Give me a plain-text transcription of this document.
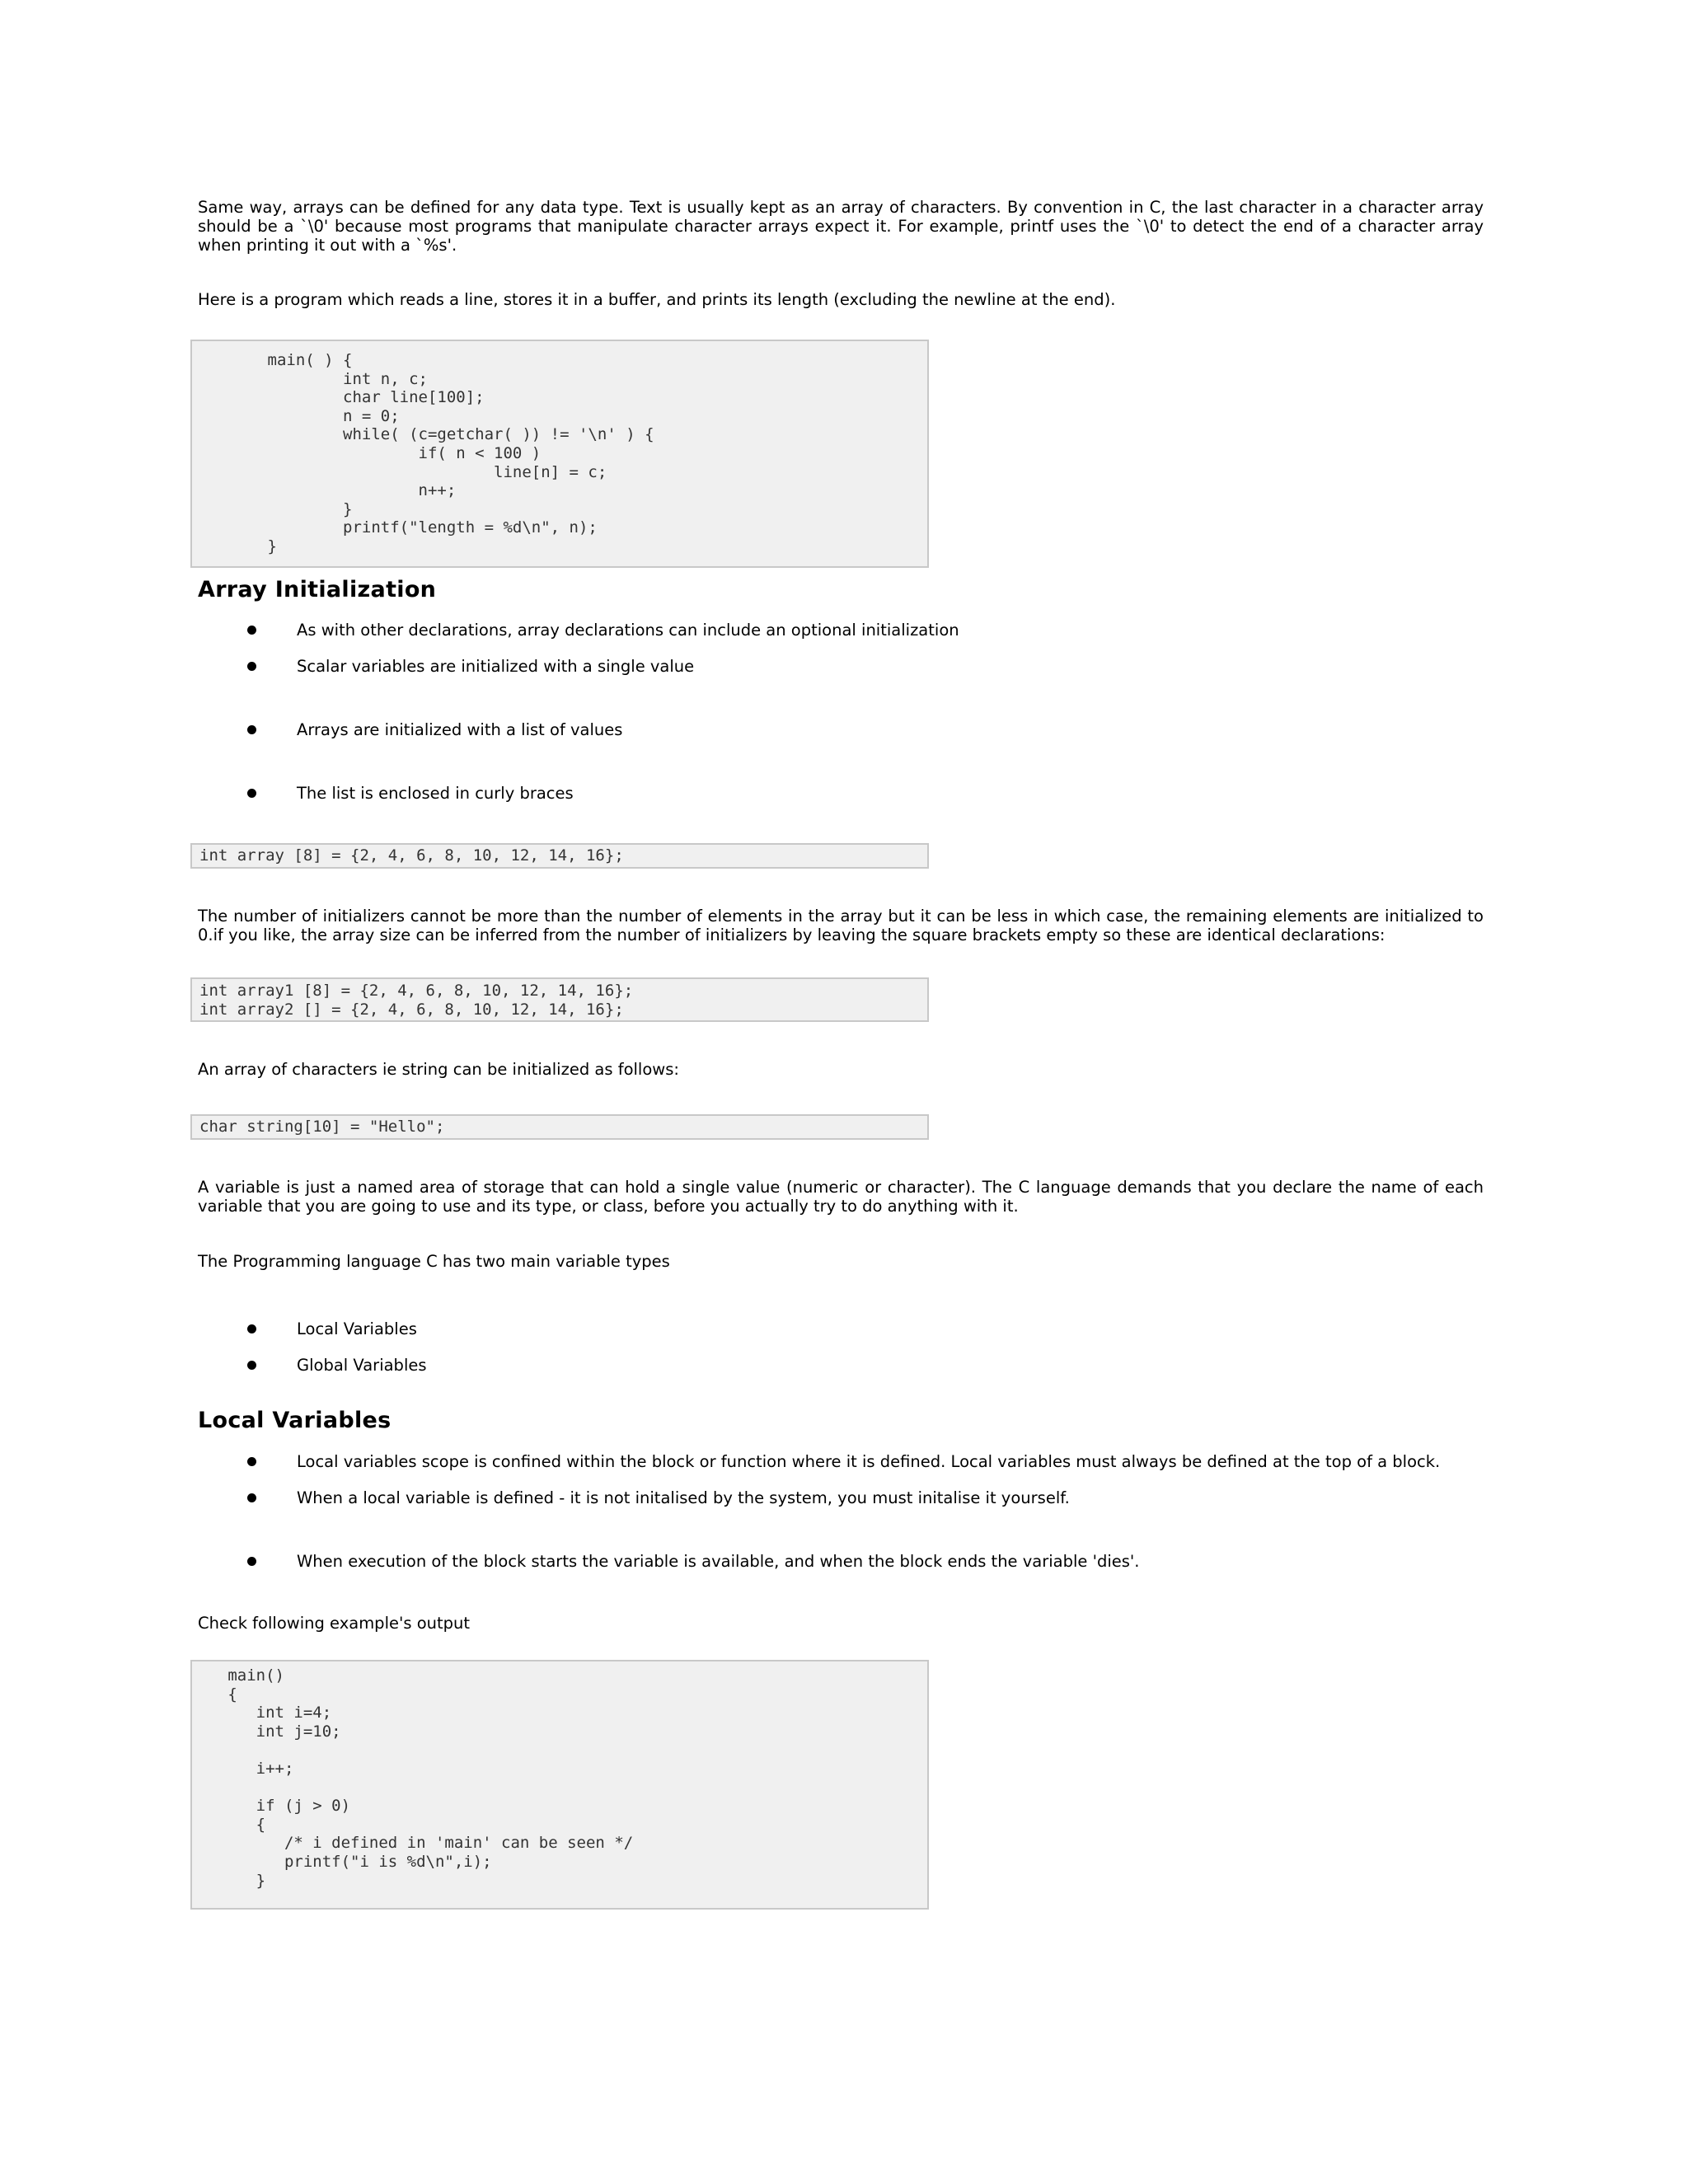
Same way, arrays can be defined for any data type. Text is usually kept as an array of characters. By convention in C, the last character in a character array should be a `\0' because most programs that manipulate character arrays expect it. For example, printf uses the `\0' to detect the end of a character array when printing it out with a `%s'.

Here is a program which reads a line, stores it in a buffer, and prints its length (excluding the newline at the end).

main( ) {
int n, c;
char line[100];
n = 0;
while( (c=getchar( )) != '\n' ) {
if( n < 100 )
line[n] = c;
n++;
}
printf("length = %d\n", n);
}
Array Initialization
As with other declarations, array declarations can include an optional initialization
Scalar variables are initialized with a single value
Arrays are initialized with a list of values
The list is enclosed in curly braces
int array [8] = {2, 4, 6, 8, 10, 12, 14, 16};

The number of initializers cannot be more than the number of elements in the array but it can be less in which case, the remaining elements are initialized to 0.if you like, the array size can be inferred from the number of initializers by leaving the square brackets empty so these are identical declarations:

int array1 [8] = {2, 4, 6, 8, 10, 12, 14, 16};
int array2 [] = {2, 4, 6, 8, 10, 12, 14, 16};

An array of characters ie string can be initialized as follows:

char string[10] = "Hello";

A variable is just a named area of storage that can hold a single value (numeric or character). The C language demands that you declare the name of each variable that you are going to use and its type, or class, before you actually try to do anything with it.

The Programming language C has two main variable types

Local Variables
Global Variables
Local Variables
Local variables scope is confined within the block or function where it is defined. Local variables must always be defined at the top of a block.
When a local variable is defined - it is not initalised by the system, you must initalise it yourself.
When execution of the block starts the variable is available, and when the block ends the variable 'dies'.

Check following example's output

main()
{
int i=4;
int j=10;

i++;

if (j > 0)
{
/* i defined in 'main' can be seen */
printf("i is %d\n",i);
}
